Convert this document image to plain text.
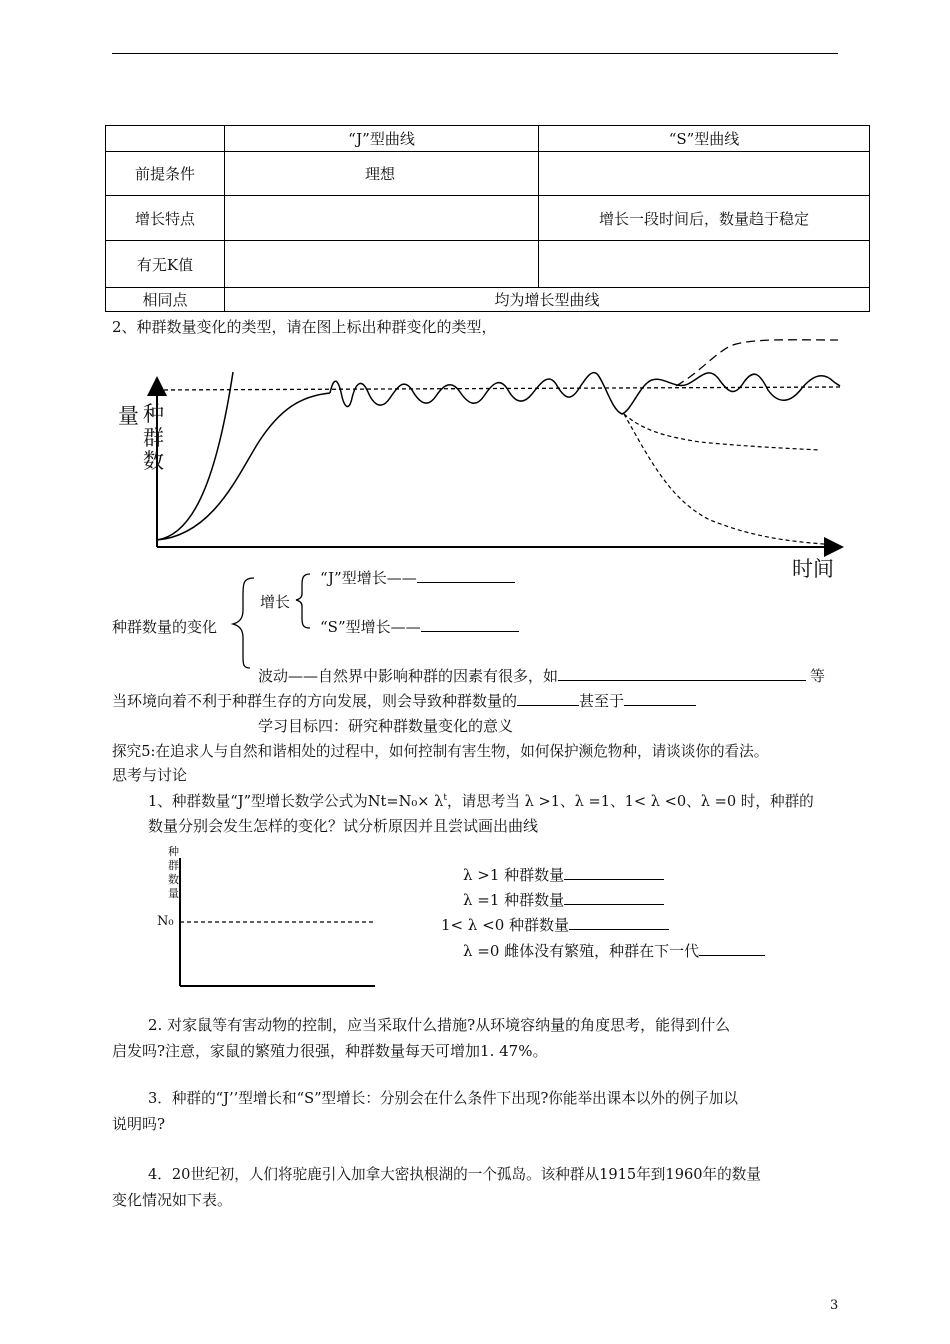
	“J”型曲线	“S”型曲线
前提条件	理想	
增长特点		增长一段时间后，数量趋于稳定
有无K值		
相同点	均为增长型曲线	
2、种群数量变化的类型，请在图上标出种群变化的类型，
种
量
群
数
时间
增长
“J”型增长——
“S”型增长——
种群数量的变化
波动——自然界中影响种群的因素有很多，如	等
当环境向着不利于种群生存的方向发展，则会导致种群数量的	甚至于
学习目标四：研究种群数量变化的意义
探究5:在追求人与自然和谐相处的过程中，如何控制有害生物，如何保护濒危物种，请谈谈你的看法。
思考与讨论
1、种群数量“J”型增长数学公式为$Nt=N_0\times \lambda^t$，请思考当 λ >1、λ =1、1< λ <0、λ =0 时，种群的
数量分别会发生怎样的变化？试分析原因并且尝试画出曲线
种
群
数
量
N₀
λ >1 种群数量
λ =1 种群数量
1< λ <0 种群数量
λ =0 雌体没有繁殖，种群在下一代
2. 对家鼠等有害动物的控制，应当采取什么措施?从环境容纳量的角度思考，能得到什么
启发吗?注意，家鼠的繁殖力很强，种群数量每天可增加1. 47%。
3．种群的“J’’型增长和“S”型增长：分别会在什么条件下出现?你能举出课本以外的例子加以
说明吗?
4．20世纪初，人们将驼鹿引入加拿大密执根湖的一个孤岛。该种群从1915年到1960年的数量
变化情况如下表。
3
